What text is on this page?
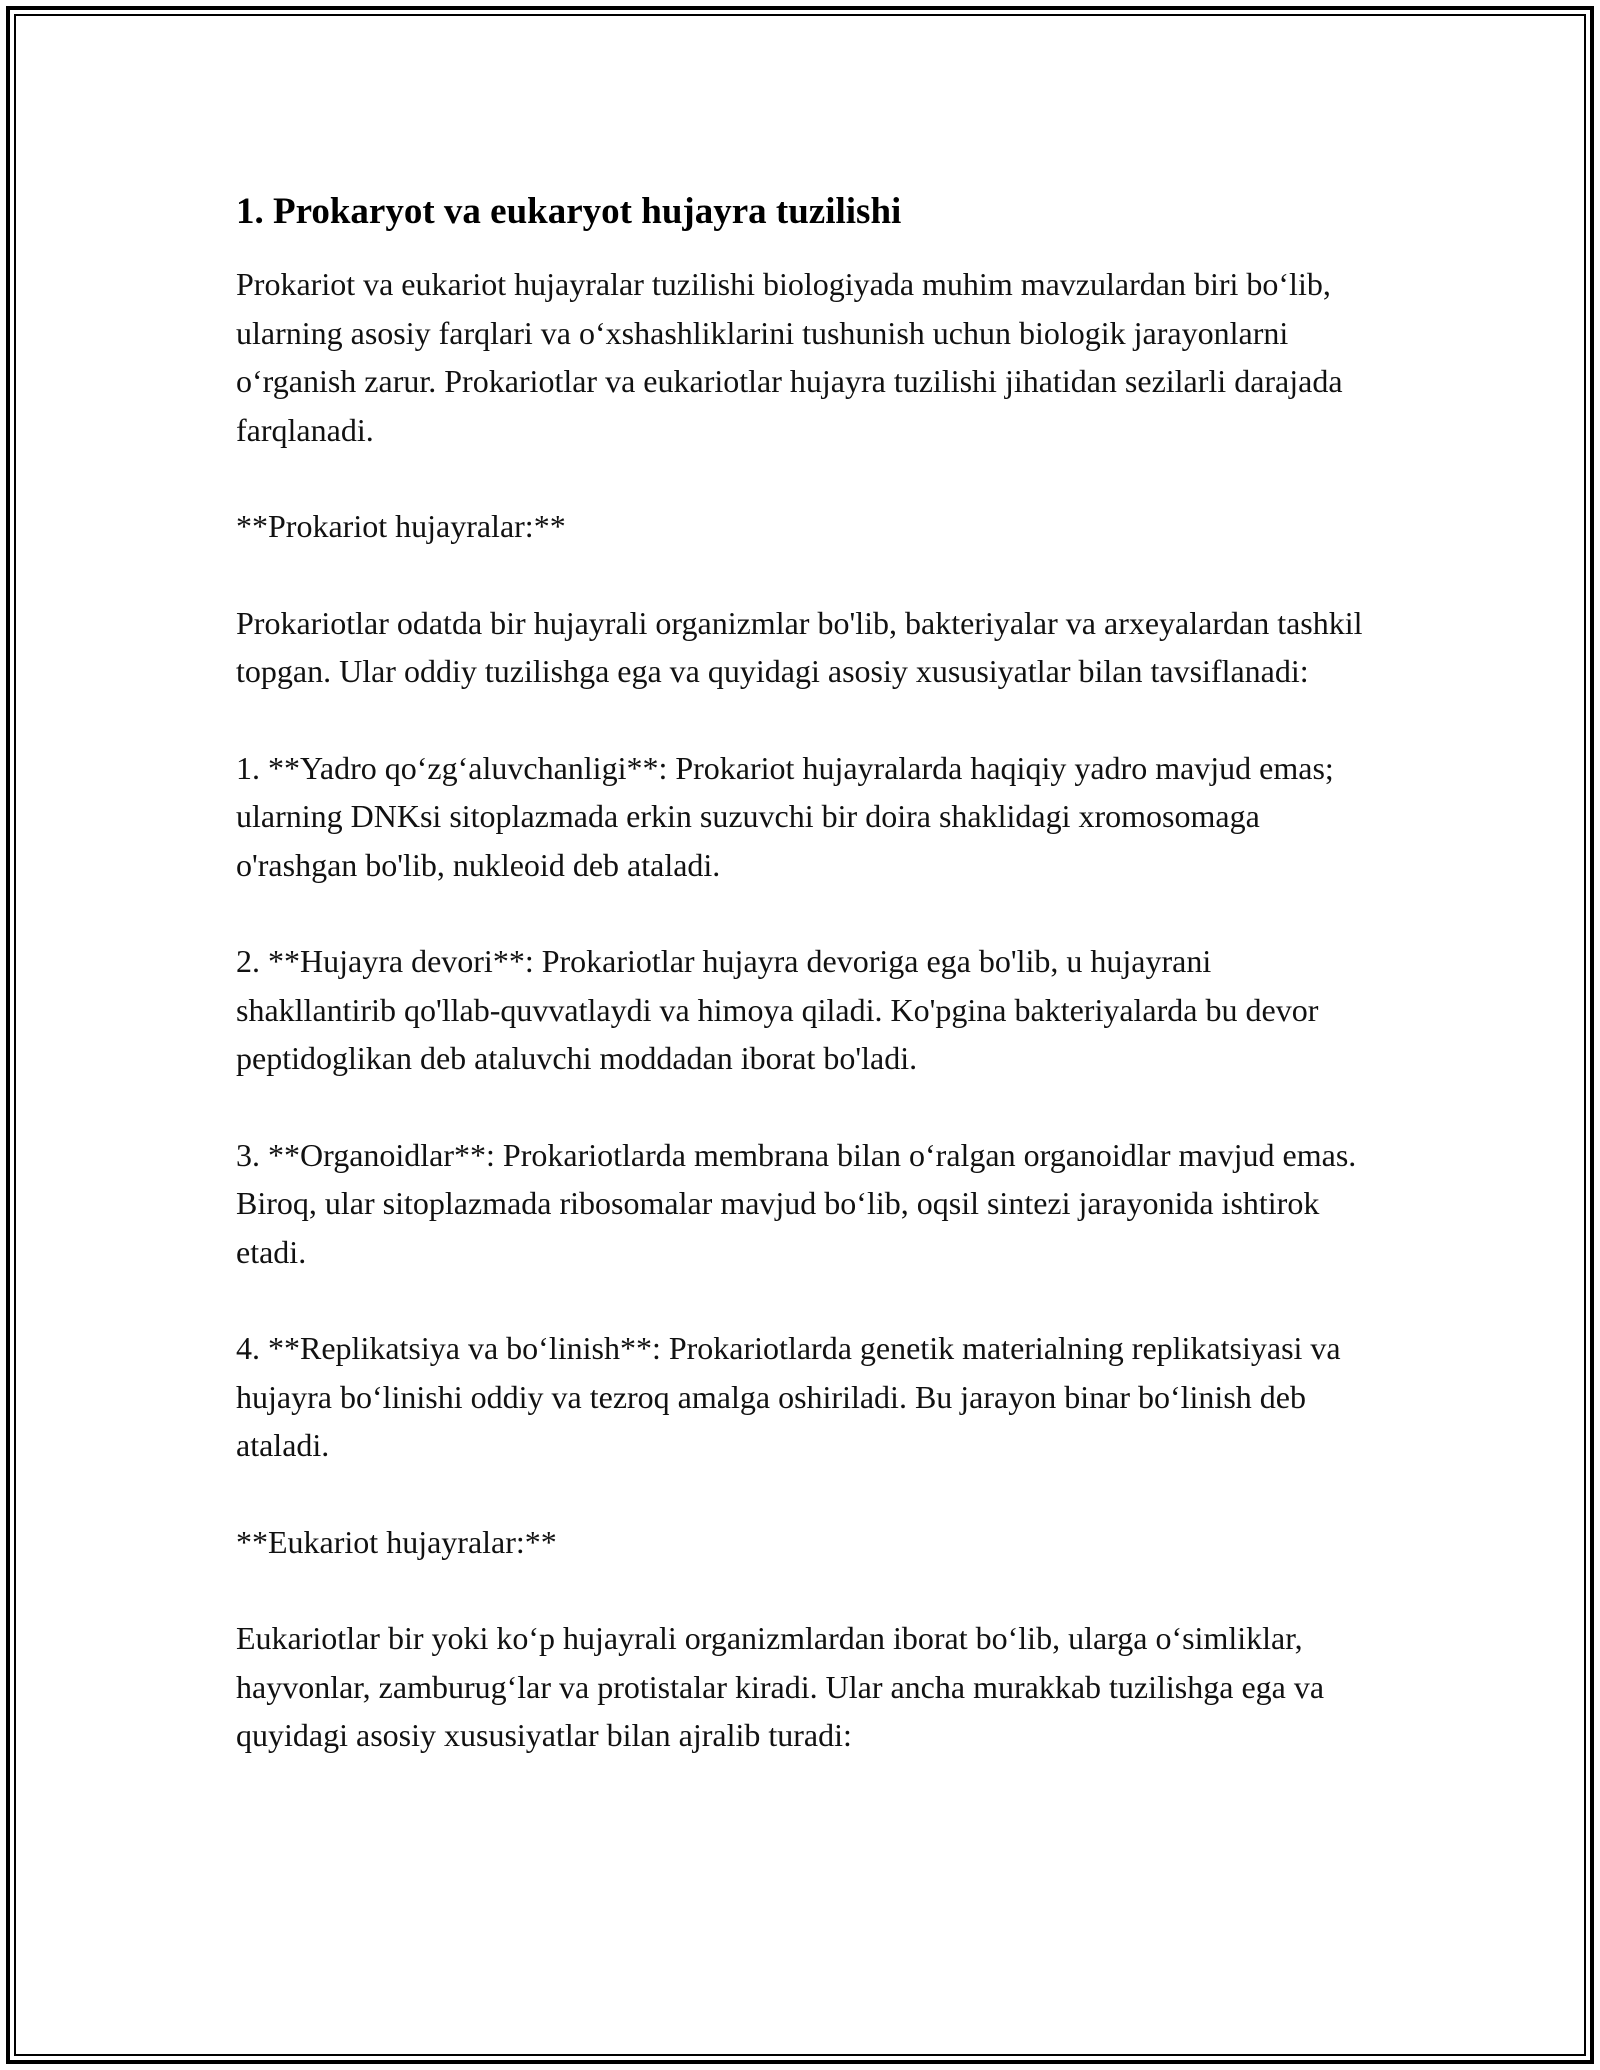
1. Prokaryot va eukaryot hujayra tuzilishi

Prokariot va eukariot hujayralar tuzilishi biologiyada muhim mavzulardan biri bo‘lib, ularning asosiy farqlari va o‘xshashliklarini tushunish uchun biologik jarayonlarni o‘rganish zarur. Prokariotlar va eukariotlar hujayra tuzilishi jihatidan sezilarli darajada farqlanadi.

**Prokariot hujayralar:**

Prokariotlar odatda bir hujayrali organizmlar bo'lib, bakteriyalar va arxeyalardan tashkil topgan. Ular oddiy tuzilishga ega va quyidagi asosiy xususiyatlar bilan tavsiflanadi:

1. **Yadro qo‘zg‘aluvchanligi**: Prokariot hujayralarda haqiqiy yadro mavjud emas; ularning DNKsi sitoplazmada erkin suzuvchi bir doira shaklidagi xromosomaga o'rashgan bo'lib, nukleoid deb ataladi.

2. **Hujayra devori**: Prokariotlar hujayra devoriga ega bo'lib, u hujayrani shakllantirib qo'llab-quvvatlaydi va himoya qiladi. Ko'pgina bakteriyalarda bu devor peptidoglikan deb ataluvchi moddadan iborat bo'ladi.

3. **Organoidlar**: Prokariotlarda membrana bilan o‘ralgan organoidlar mavjud emas. Biroq, ular sitoplazmada ribosomalar mavjud bo‘lib, oqsil sintezi jarayonida ishtirok etadi.

4. **Replikatsiya va bo‘linish**: Prokariotlarda genetik materialning replikatsiyasi va hujayra bo‘linishi oddiy va tezroq amalga oshiriladi. Bu jarayon binar bo‘linish deb ataladi.

**Eukariot hujayralar:**

Eukariotlar bir yoki ko‘p hujayrali organizmlardan iborat bo‘lib, ularga o‘simliklar, hayvonlar, zamburug‘lar va protistalar kiradi. Ular ancha murakkab tuzilishga ega va quyidagi asosiy xususiyatlar bilan ajralib turadi:
